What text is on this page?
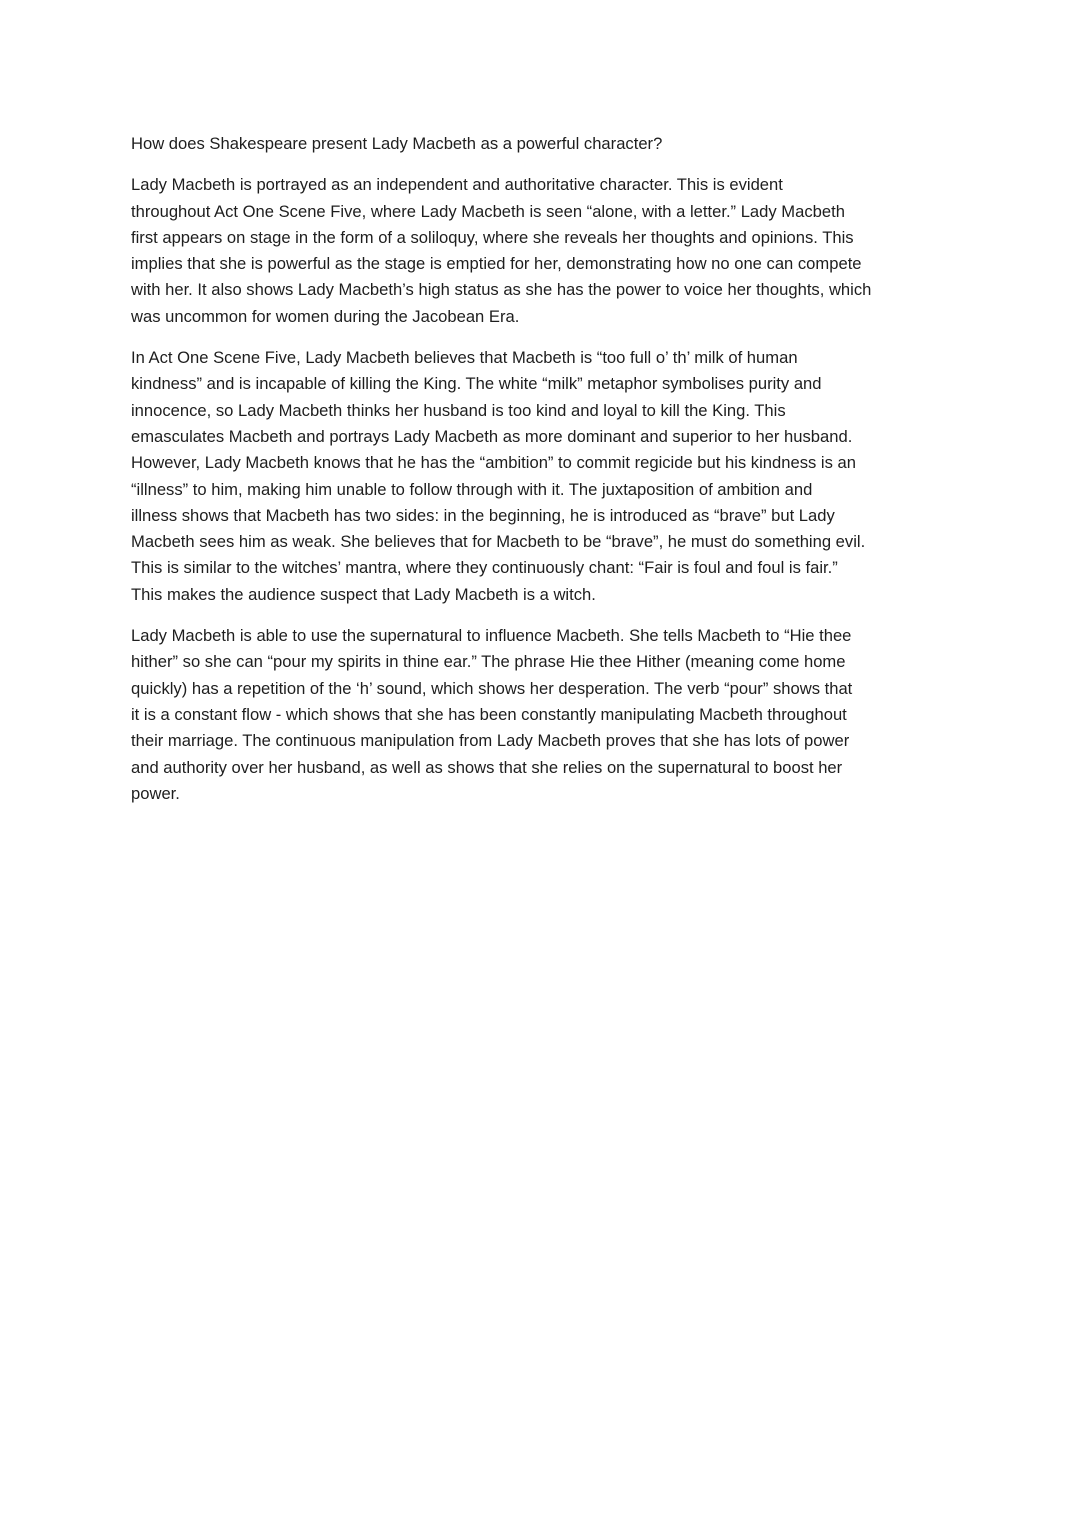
How does Shakespeare present Lady Macbeth as a powerful character?

Lady Macbeth is portrayed as an independent and authoritative character. This is evident
throughout Act One Scene Five, where Lady Macbeth is seen “alone, with a letter.” Lady Macbeth
first appears on stage in the form of a soliloquy, where she reveals her thoughts and opinions. This
implies that she is powerful as the stage is emptied for her, demonstrating how no one can compete
with her. It also shows Lady Macbeth’s high status as she has the power to voice her thoughts, which
was uncommon for women during the Jacobean Era.
In Act One Scene Five, Lady Macbeth believes that Macbeth is “too full o’ th’ milk of human
kindness” and is incapable of killing the King. The white “milk” metaphor symbolises purity and
innocence, so Lady Macbeth thinks her husband is too kind and loyal to kill the King. This
emasculates Macbeth and portrays Lady Macbeth as more dominant and superior to her husband.
However, Lady Macbeth knows that he has the “ambition” to commit regicide but his kindness is an
“illness” to him, making him unable to follow through with it. The juxtaposition of ambition and
illness shows that Macbeth has two sides: in the beginning, he is introduced as “brave” but Lady
Macbeth sees him as weak. She believes that for Macbeth to be “brave”, he must do something evil.
This is similar to the witches’ mantra, where they continuously chant: “Fair is foul and foul is fair.”
This makes the audience suspect that Lady Macbeth is a witch.
Lady Macbeth is able to use the supernatural to influence Macbeth. She tells Macbeth to “Hie thee
hither” so she can “pour my spirits in thine ear.” The phrase Hie thee Hither (meaning come home
quickly) has a repetition of the ‘h’ sound, which shows her desperation. The verb “pour” shows that
it is a constant flow - which shows that she has been constantly manipulating Macbeth throughout
their marriage. The continuous manipulation from Lady Macbeth proves that she has lots of power
and authority over her husband, as well as shows that she relies on the supernatural to boost her
power.
